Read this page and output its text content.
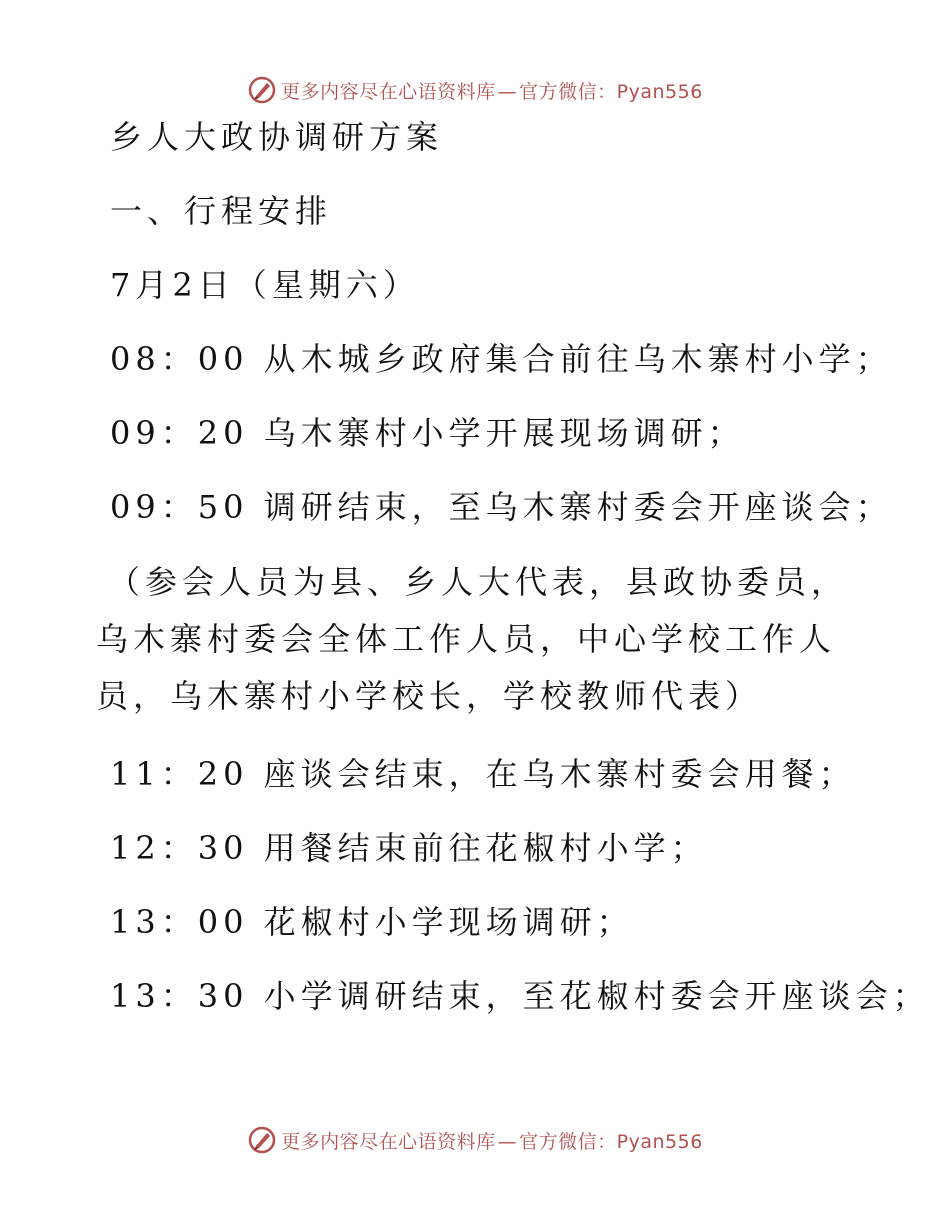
更多内容尽在心语资料库 — 官方微信：Pyan556
乡人大政协调研方案
一、行程安排
7月2日（星期六）
08：00 从木城乡政府集合前往乌木寨村小学；
09：20 乌木寨村小学开展现场调研；
09：50 调研结束，至乌木寨村委会开座谈会；
（参会人员为县、乡人大代表，县政协委员，乌木寨村委会全体工作人员，中心学校工作人员，乌木寨村小学校长，学校教师代表）
11：20 座谈会结束，在乌木寨村委会用餐；
12：30 用餐结束前往花椒村小学；
13：00 花椒村小学现场调研；
13：30 小学调研结束，至花椒村委会开座谈会；
更多内容尽在心语资料库 — 官方微信：Pyan556
